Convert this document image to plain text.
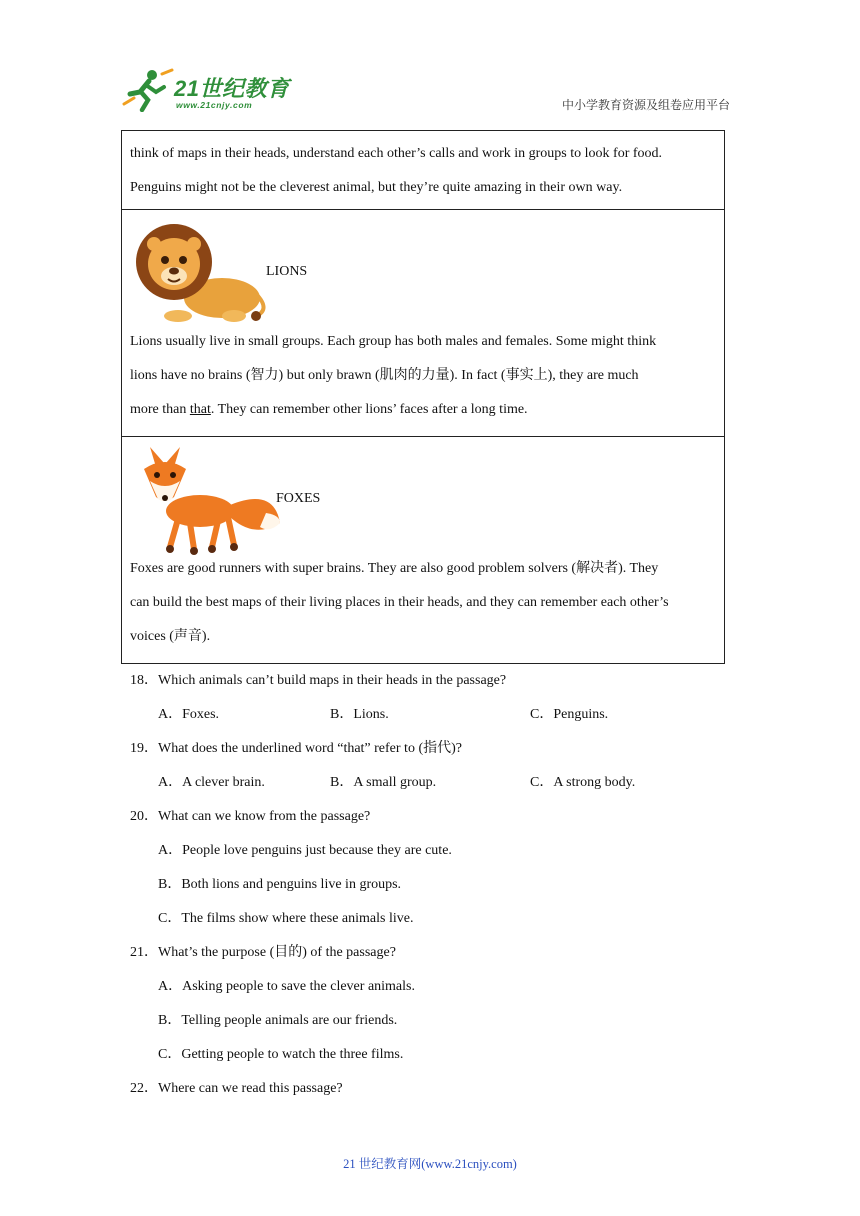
21世纪教育
www.21cnjy.com	中小学教育资源及组卷应用平台

think of maps in their heads, understand each other’s calls and work in groups to look for food.

Penguins might not be the cleverest animal, but they’re quite amazing in their own way.

LIONS

Lions usually live in small groups. Each group has both males and females. Some might think

lions have no brains (智力) but only brawn (肌肉的力量). In fact (事实上), they are much

more than that. They can remember other lions’ faces after a long time.

FOXES

Foxes are good runners with super brains. They are also good problem solvers (解决者). They

can build the best maps of their living places in their heads, and they can remember each other’s

voices (声音).

18．Which animals can’t build maps in their heads in the passage?
A．Foxes.	B．Lions.	C．Penguins.
19．What does the underlined word “that” refer to (指代)?
A．A clever brain.	B．A small group.	C．A strong body.
20．What can we know from the passage?
A．People love penguins just because they are cute.
B．Both lions and penguins live in groups.
C．The films show where these animals live.
21．What’s the purpose (目的) of the passage?
A．Asking people to save the clever animals.
B．Telling people animals are our friends.
C．Getting people to watch the three films.
22．Where can we read this passage?
21 世纪教育网(www.21cnjy.com)
